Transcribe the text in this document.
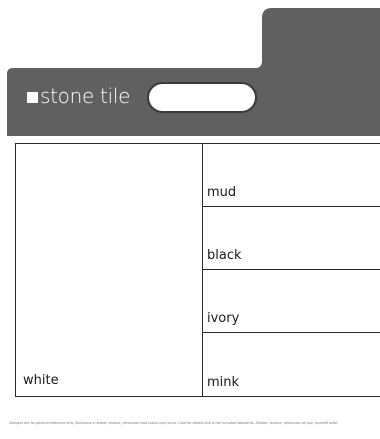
stone tile
white
mud
black
ivory
mink
Samples are for general reference only. Variations in shade, texture, dimension and colour may occur. Care for details and is the included standards. Shades, texture, dimension at your yourself order.
